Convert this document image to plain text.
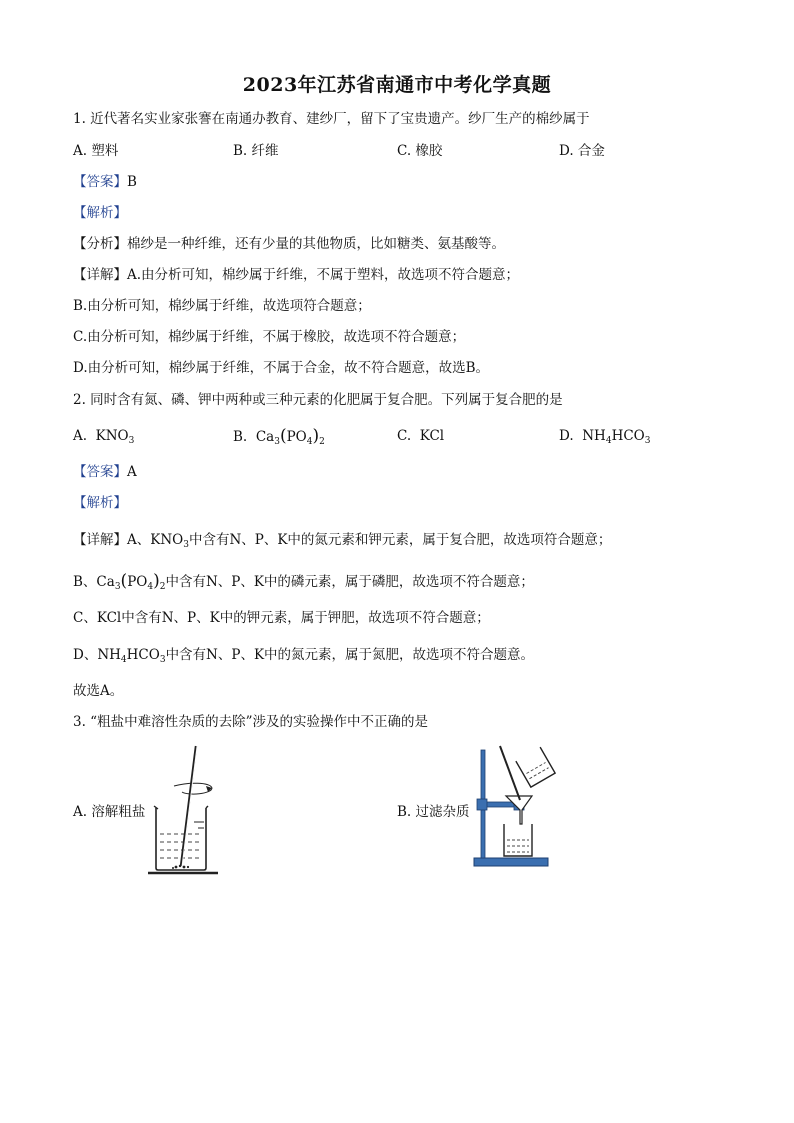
2023年江苏省南通市中考化学真题
1. 近代著名实业家张謇在南通办教育、建纱厂，留下了宝贵遗产。纱厂生产的棉纱属于
A. 塑料	B. 纤维	C. 橡胶	D. 合金
【答案】B
【解析】
【分析】棉纱是一种纤维，还有少量的其他物质，比如糖类、氨基酸等。
【详解】A.由分析可知，棉纱属于纤维，不属于塑料，故选项不符合题意；
B.由分析可知，棉纱属于纤维，故选项符合题意；
C.由分析可知，棉纱属于纤维，不属于橡胶，故选项不符合题意；
D.由分析可知，棉纱属于纤维，不属于合金，故不符合题意，故选B。
2. 同时含有氮、磷、钾中两种或三种元素的化肥属于复合肥。下列属于复合肥的是
A. $KNO_3$	B. $Ca_3(PO_4)_2$	C. KCl	D. $NH_4HCO_3$
【答案】A
【解析】
【详解】A、$KNO_3$中含有N、P、K中的氮元素和钾元素，属于复合肥，故选项符合题意；
B、$Ca_3(PO_4)_2$中含有N、P、K中的磷元素，属于磷肥，故选项不符合题意；
C、KCl中含有N、P、K中的钾元素，属于钾肥，故选项不符合题意；
D、$NH_4HCO_3$中含有N、P、K中的氮元素，属于氮肥，故选项不符合题意。
故选A。
3. “粗盐中难溶性杂质的去除”涉及的实验操作中不正确的是
A. 溶解粗盐	B. 过滤杂质
